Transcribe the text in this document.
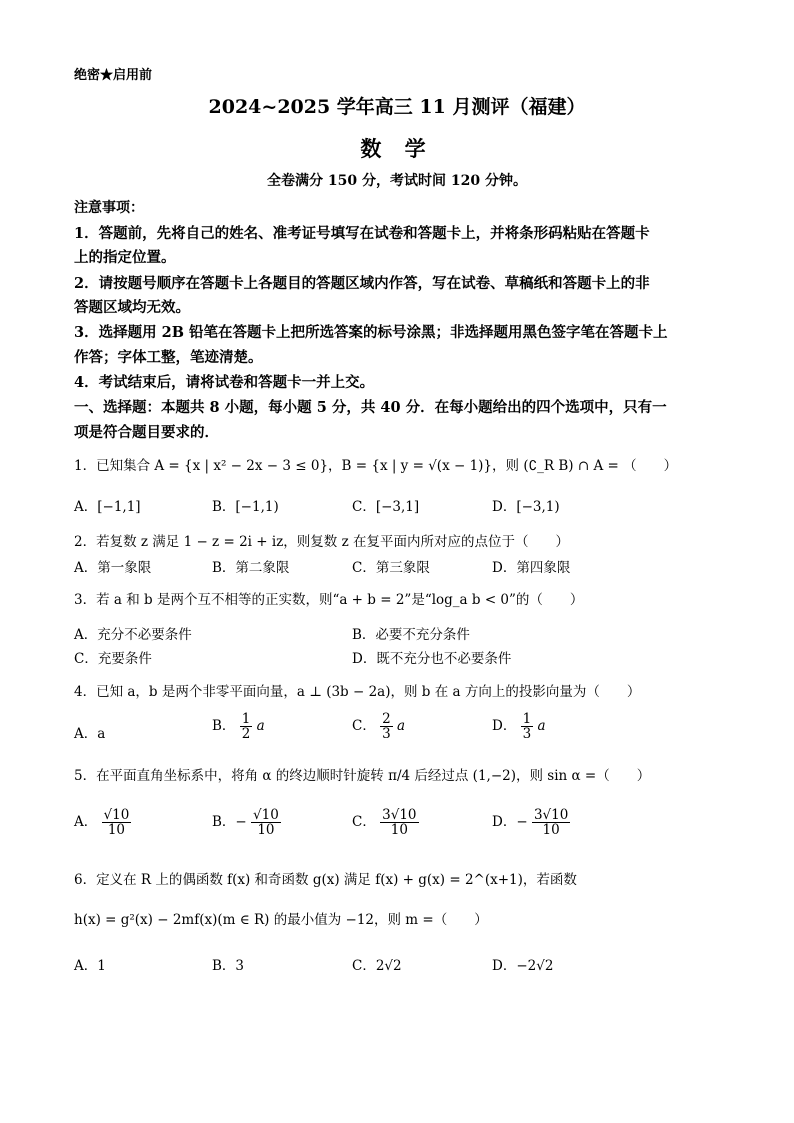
绝密★启用前
2024~2025 学年高三 11 月测评（福建）
数 学
全卷满分 150 分，考试时间 120 分钟。
注意事项：
1．答题前，先将自己的姓名、准考证号填写在试卷和答题卡上，并将条形码粘贴在答题卡
上的指定位置。
2．请按题号顺序在答题卡上各题目的答题区域内作答，写在试卷、草稿纸和答题卡上的非
答题区域均无效。
3．选择题用 2B 铅笔在答题卡上把所选答案的标号涂黑；非选择题用黑色签字笔在答题卡上
作答；字体工整，笔迹清楚。
4．考试结束后，请将试卷和答题卡一并上交。
一、选择题：本题共 8 小题，每小题 5 分，共 40 分．在每小题给出的四个选项中，只有一
项是符合题目要求的．
1．已知集合 A = {x | x² − 2x − 3 ≤ 0}，B = {x | y = √(x − 1)}，则 (∁_R B) ∩ A = （　　）
A．[−1,1]	B．[−1,1)	C．[−3,1]	D．[−3,1)
2．若复数 z 满足 1 − z = 2i + iz，则复数 z 在复平面内所对应的点位于（　　）
A．第一象限	B．第二象限	C．第三象限	D．第四象限
3．若 a 和 b 是两个互不相等的正实数，则“a + b = 2”是“log_a b < 0”的（　　）
A．充分不必要条件	B．必要不充分条件
C．充要条件	D．既不充分也不必要条件
4．已知 a，b 是两个非零平面向量，a ⊥ (3b − 2a)，则 b 在 a 方向上的投影向量为（　　）
A．a	B． $\frac{1}{2}$ a	C． $\frac{2}{3}$ a	D． $\frac{1}{3}$ a
5．在平面直角坐标系中，将角 α 的终边顺时针旋转 π/4 后经过点 (1,−2)，则 sin α =（　　）
A． $\frac{√10}{10}$	B．− $\frac{√10}{10}$	C． $\frac{3√10}{10}$	D．− $\frac{3√10}{10}$
6．定义在 R 上的偶函数 f(x) 和奇函数 g(x) 满足 f(x) + g(x) = 2^(x+1)，若函数
h(x) = g²(x) − 2mf(x)(m ∈ R) 的最小值为 −12，则 m =（　　）
A．1	B．3	C．2√2	D．−2√2
